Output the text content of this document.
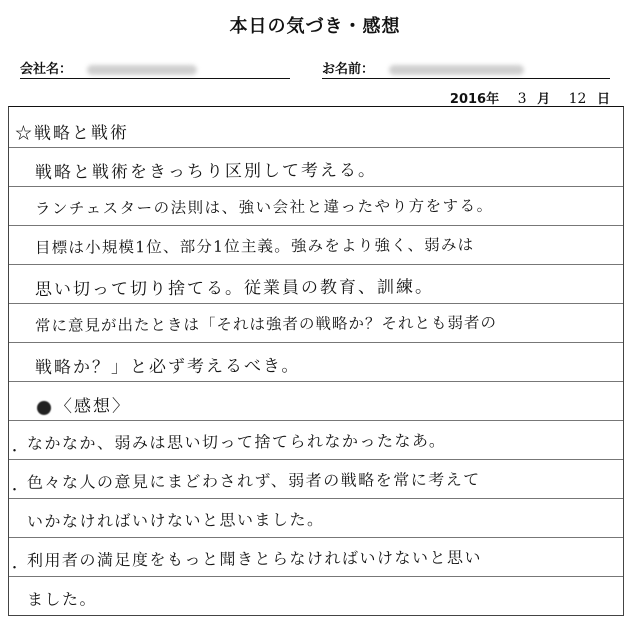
本日の気づき・感想
会社名：	お名前：
2016年 3 月 12 日
☆戦略と戦術
戦略と戦術をきっちり区別して考える。
ランチェスターの法則は、強い会社と違ったやり方をする。
目標は小規模1位、部分1位主義。強みをより強く、弱みは
思い切って切り捨てる。従業員の教育、訓練。
常に意見が出たときは「それは強者の戦略か？それとも弱者の
戦略か？」と必ず考えるべき。
〈感想〉
・ なかなか、弱みは思い切って捨てられなかったなあ。
・ 色々な人の意見にまどわされず、弱者の戦略を常に考えて
いかなければいけないと思いました。
・ 利用者の満足度をもっと聞きとらなければいけないと思い
ました。
